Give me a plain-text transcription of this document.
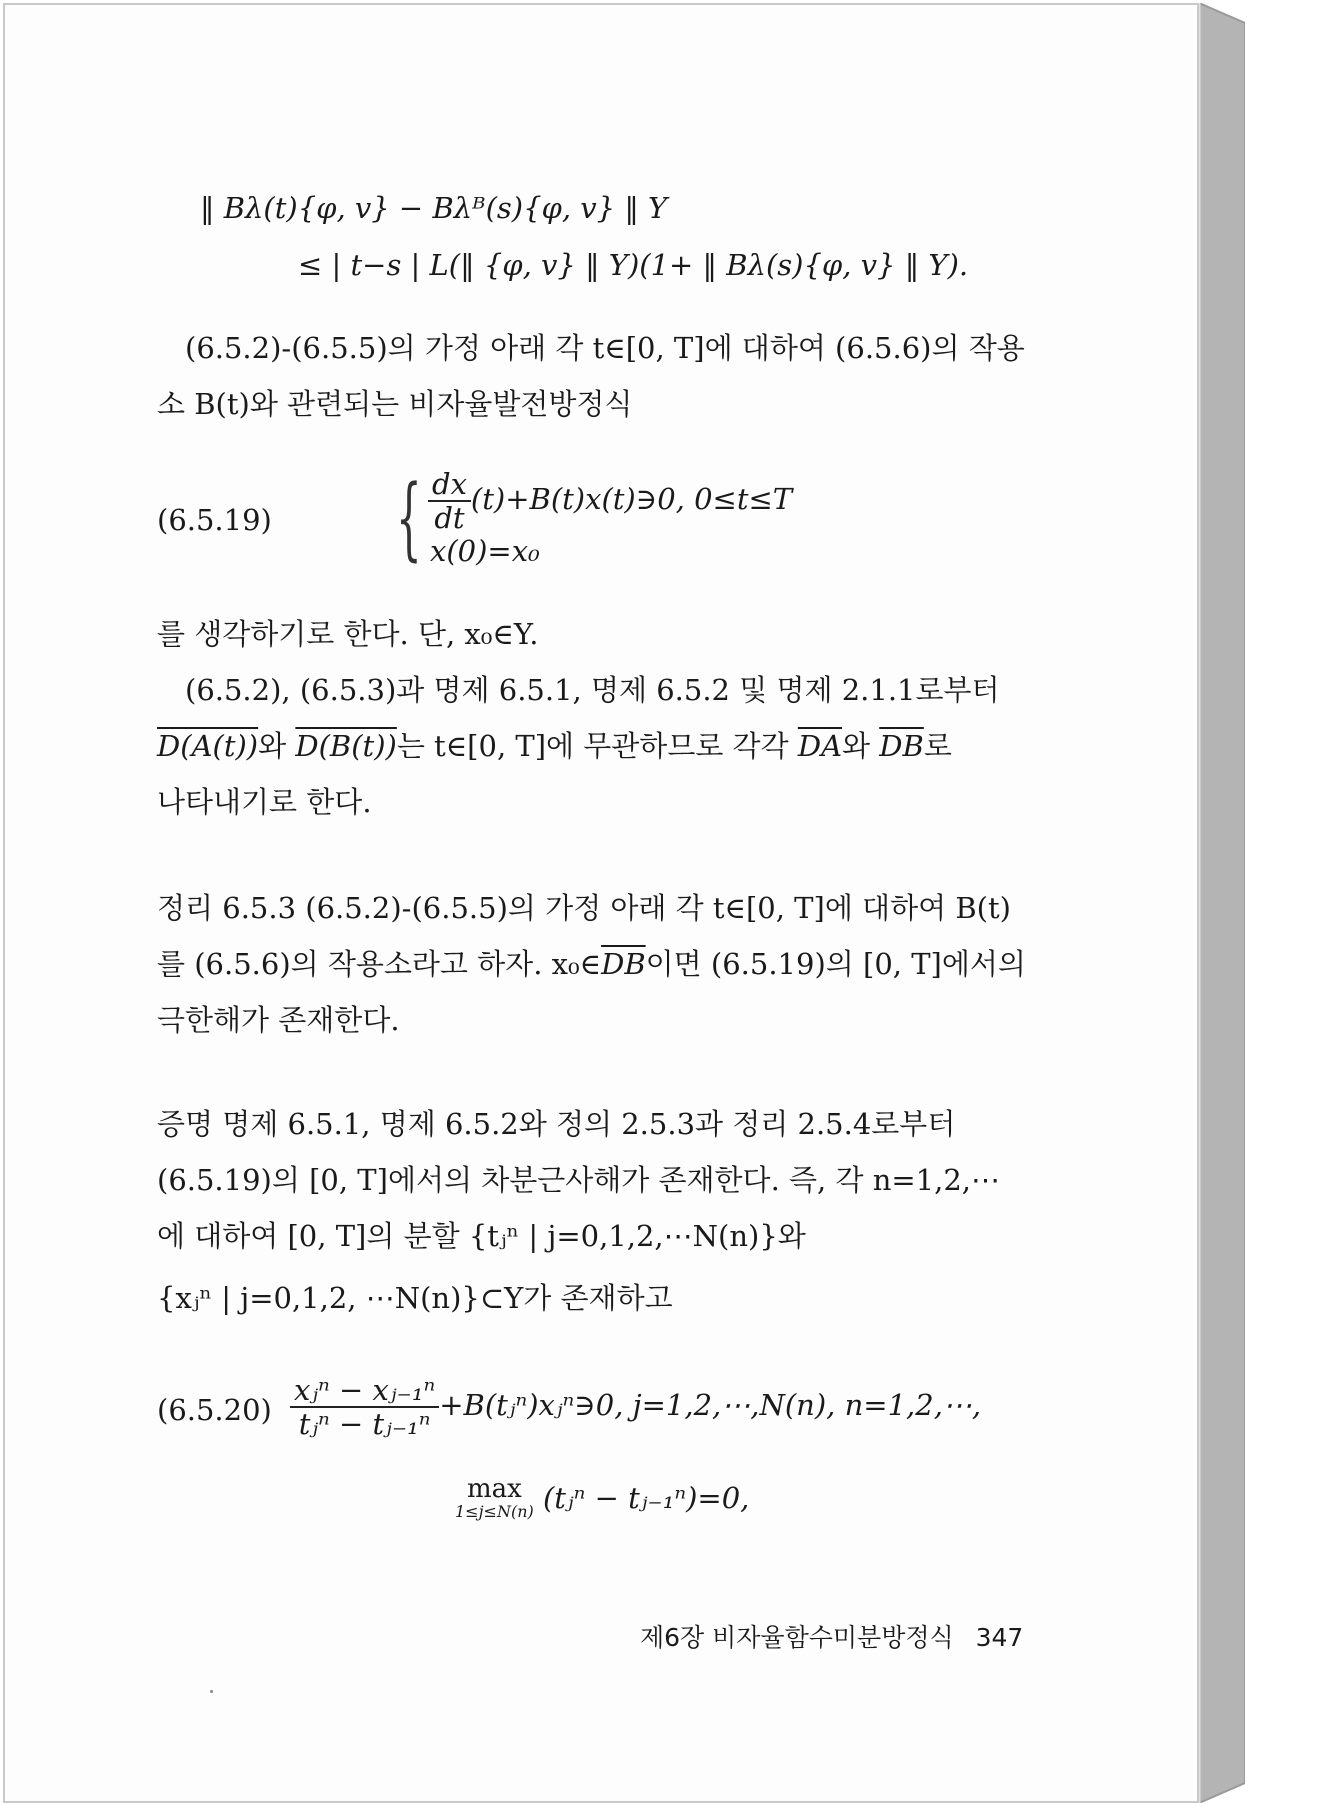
‖ Bλ(t){φ, v} − Bλᴮ(s){φ, v} ‖ Y
≤ | t−s | L(‖ {φ, v} ‖ Y)(1+ ‖ Bλ(s){φ, v} ‖ Y).
(6.5.2)-(6.5.5)의 가정 아래 각 t∈[0, T]에 대하여 (6.5.6)의 작용
소 B(t)와 관련되는 비자율발전방정식
(6.5.19) { $\frac{dx}{dt}$ (t)+B(t)x(t)∋0, 0≤t≤T
x(0)=x₀
를 생각하기로 한다. 단, x₀∈Y.
(6.5.2), (6.5.3)과 명제 6.5.1, 명제 6.5.2 및 명제 2.1.1로부터
D(A(t))와 D(B(t))는 t∈[0, T]에 무관하므로 각각 $\overline{DA}$와 $\overline{DB}$로
나타내기로 한다.
정리 6.5.3 (6.5.2)-(6.5.5)의 가정 아래 각 t∈[0, T]에 대하여 B(t)
를 (6.5.6)의 작용소라고 하자. $x_0\in\overline{DB}$이면 (6.5.19)의 [0, T]에서의
극한해가 존재한다.
증명 명제 6.5.1, 명제 6.5.2와 정의 2.5.3과 정리 2.5.4로부터
(6.5.19)의 [0, T]에서의 차분근사해가 존재한다. 즉, 각 n=1,2,⋯
에 대하여 [0, T]의 분할 {tⱼⁿ | j=0,1,2,⋯N(n)}와
{xⱼⁿ | j=0,1,2, ⋯N(n)}⊂Y가 존재하고
$(6.5.20) \frac{\text{xⱼⁿ − xⱼ₋₁ⁿ}}{\text{tⱼⁿ − tⱼ₋₁ⁿ}}$ +B(tⱼⁿ)xⱼⁿ∋0, j=1,2,⋯,N(n), n=1,2,⋯,
max
1≤j≤N(n) (tⱼⁿ − tⱼ₋₁ⁿ)=0,
제6장 비자율함수미분방정식 347
